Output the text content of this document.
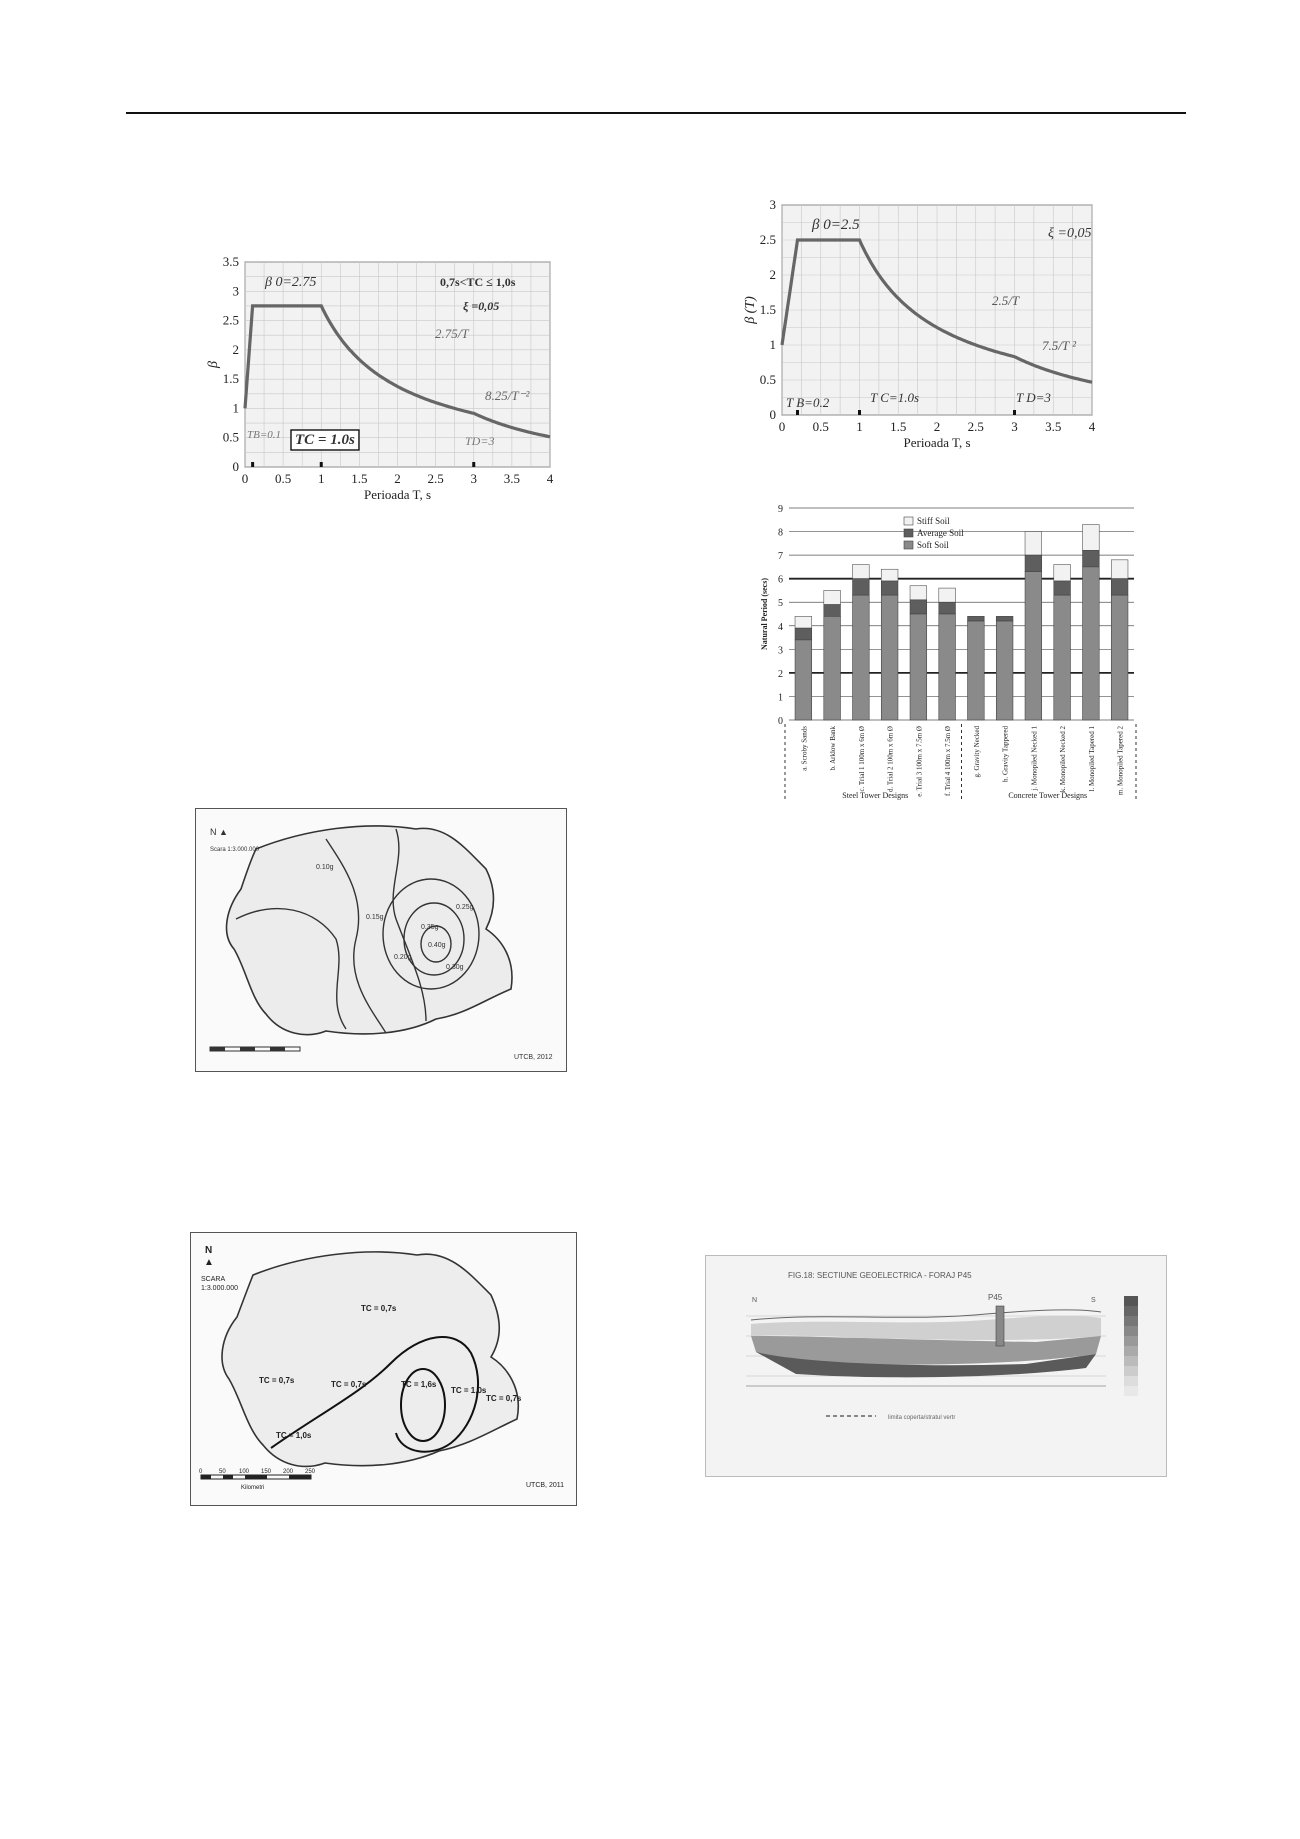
0 0.5 1 1.5 2 2.5 3 3.5 4
0
0.5
1
1.5
2
2.5
3
3.5
Perioada T, s
β
β 0=2.75	0,7s<TC ≤ 1,0s
ξ =0,05
2.75/T
8.25/T⁻²
TB=0.1 TC = 1.0s	TD=3
0 0.5 1 1.5 2 2.5 3 3.5 4
0
0.5
1
1.5
2
2.5
3
Perioada T, s
β (T)
β 0=2.5
ξ =0,05
2.5/T
7.5/T ²
T B=0.2	T C=1.0s	T D=3
0
1
2
3
4
5
6
7
8
9
Natural Period (secs)
a. Scroby Sands	b. Arklow Bank	c. Trial 1 100m x 6m Ø	d. Trial 2 100m x 6m Ø	e. Trial 3 100m x 7.5m Ø	f. Trial 4 100m x 7.5m Ø	g. Gravity Necked	h. Gravity Tappered	j. Monopiled Necked 1	k. Monopiled Necked 2	l. Monopiled Tapered 1	m. Monopiled Tapered 2
Steel Tower Designs	Concrete Tower Designs
Stiff Soil
Average Soil
Soft Soil
N ▲
Scara 1:3.000.000
0.10g
0.15g
0.20g
0.25g
0.30g
0.35g
0.40g
UTCB, 2012
N
▲
SCARA
1:3.000.000
TC = 0,7s
TC = 0,7s	TC = 0,7s	TC = 1,6s
TC = 1,0s
TC = 0,7s
TC = 1,0s
0	50 100 150 200 250
Kilometri	UTCB, 2011
FIG.18: SECTIUNE GEOELECTRICA - FORAJ P45
N	S
P45
limita coperta/stratul vertr
